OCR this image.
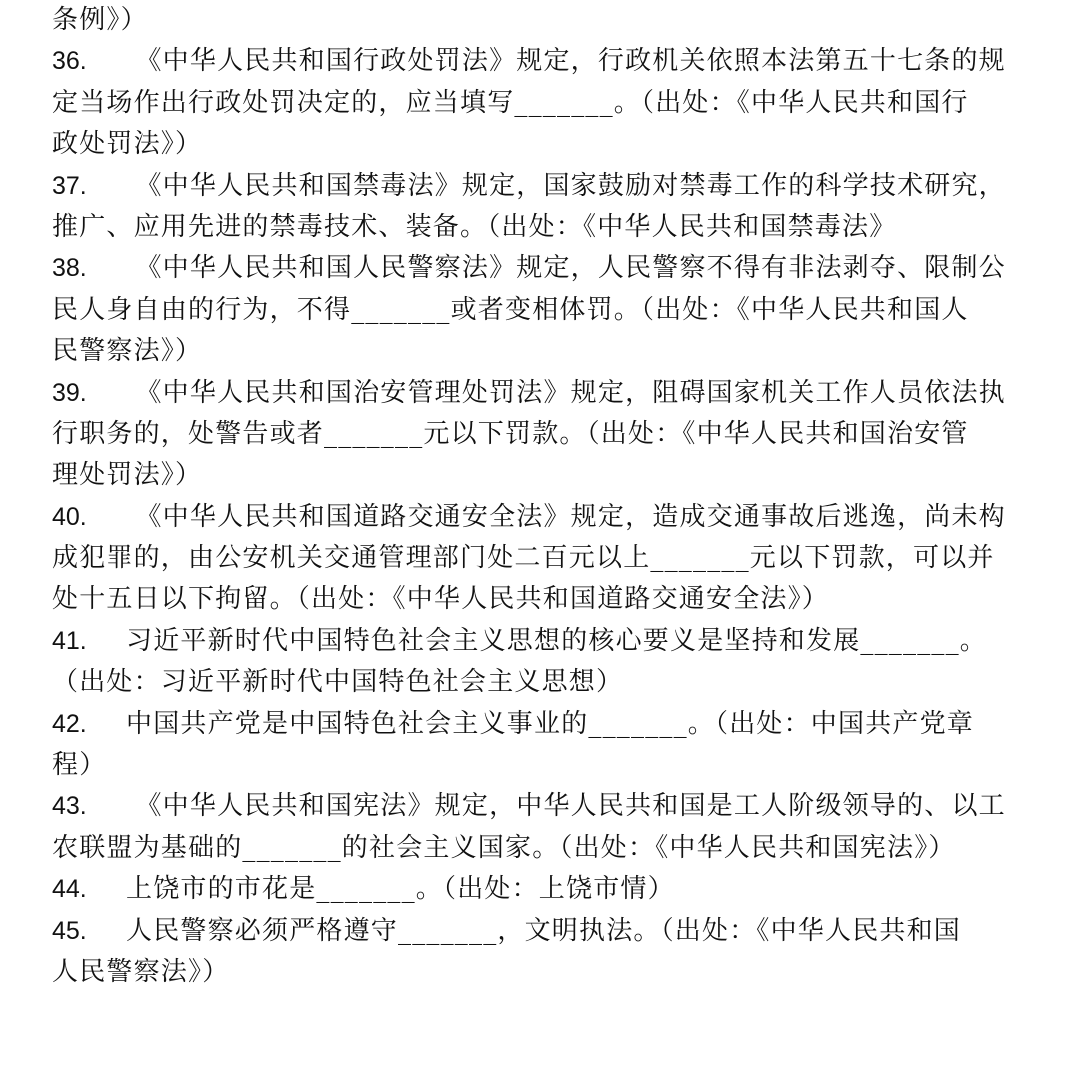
条例》）
36. 《中华人民共和国行政处罚法》规定，行政机关依照本法第五十七条的规
定当场作出行政处罚决定的，应当填写_______。（出处：《中华人民共和国行
政处罚法》）
37. 《中华人民共和国禁毒法》规定，国家鼓励对禁毒工作的科学技术研究，
推广、应用先进的禁毒技术、装备。（出处：《中华人民共和国禁毒法》
38. 《中华人民共和国人民警察法》规定，人民警察不得有非法剥夺、限制公
民人身自由的行为，不得_______或者变相体罚。（出处：《中华人民共和国人
民警察法》）
39. 《中华人民共和国治安管理处罚法》规定，阻碍国家机关工作人员依法执
行职务的，处警告或者_______元以下罚款。（出处：《中华人民共和国治安管
理处罚法》）
40. 《中华人民共和国道路交通安全法》规定，造成交通事故后逃逸，尚未构
成犯罪的，由公安机关交通管理部门处二百元以上_______元以下罚款，可以并
处十五日以下拘留。（出处：《中华人民共和国道路交通安全法》）
41. 习近平新时代中国特色社会主义思想的核心要义是坚持和发展_______。
（出处：习近平新时代中国特色社会主义思想）
42. 中国共产党是中国特色社会主义事业的_______。（出处：中国共产党章
程）
43. 《中华人民共和国宪法》规定，中华人民共和国是工人阶级领导的、以工
农联盟为基础的_______的社会主义国家。（出处：《中华人民共和国宪法》）
44. 上饶市的市花是_______。（出处：上饶市情）
45. 人民警察必须严格遵守_______，文明执法。（出处：《中华人民共和国
人民警察法》）
